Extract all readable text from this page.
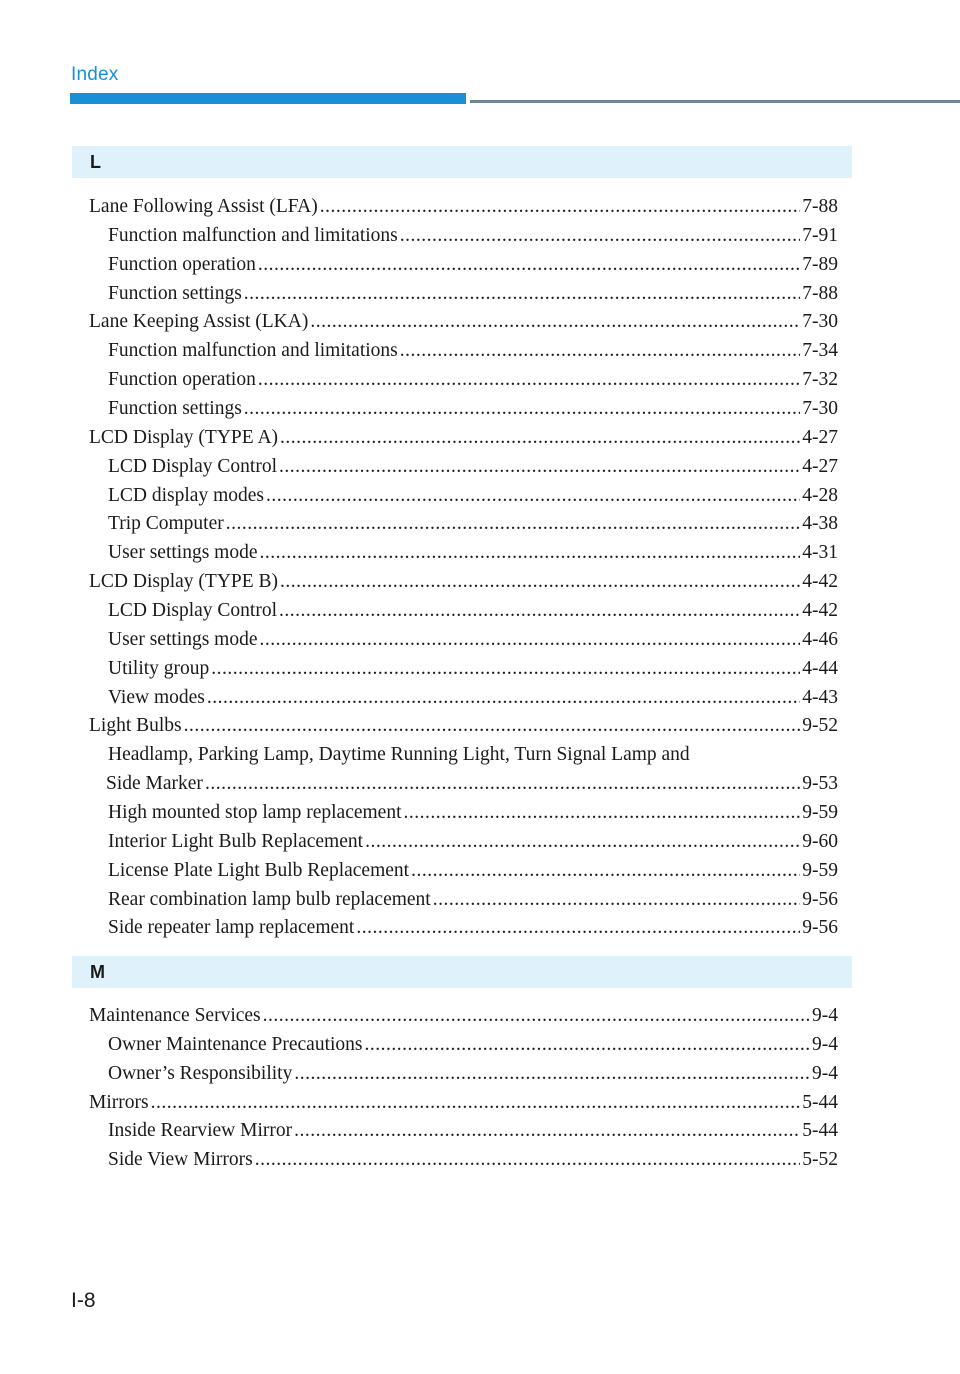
Index
L
Lane Following Assist (LFA) .....	7-88
Function malfunction and limitations .....	7-91
Function operation .....	7-89
Function settings .....	7-88
Lane Keeping Assist (LKA) .....	7-30
Function malfunction and limitations .....	7-34
Function operation .....	7-32
Function settings .....	7-30
LCD Display (TYPE A) .....	4-27
LCD Display Control .....	4-27
LCD display modes .....	4-28
Trip Computer .....	4-38
User settings mode .....	4-31
LCD Display (TYPE B) .....	4-42
LCD Display Control .....	4-42
User settings mode .....	4-46
Utility group .....	4-44
View modes .....	4-43
Light Bulbs .....	9-52
Headlamp, Parking Lamp, Daytime Running Light, Turn Signal Lamp and
Side Marker .....	9-53
High mounted stop lamp replacement .....	9-59
Interior Light Bulb Replacement .....	9-60
License Plate Light Bulb Replacement .....	9-59
Rear combination lamp bulb replacement .....	9-56
Side repeater lamp replacement .....	9-56
M
Maintenance Services .....	9-4
Owner Maintenance Precautions .....	9-4
Owner’s Responsibility .....	9-4
Mirrors .....	5-44
Inside Rearview Mirror .....	5-44
Side View Mirrors .....	5-52
I-8
